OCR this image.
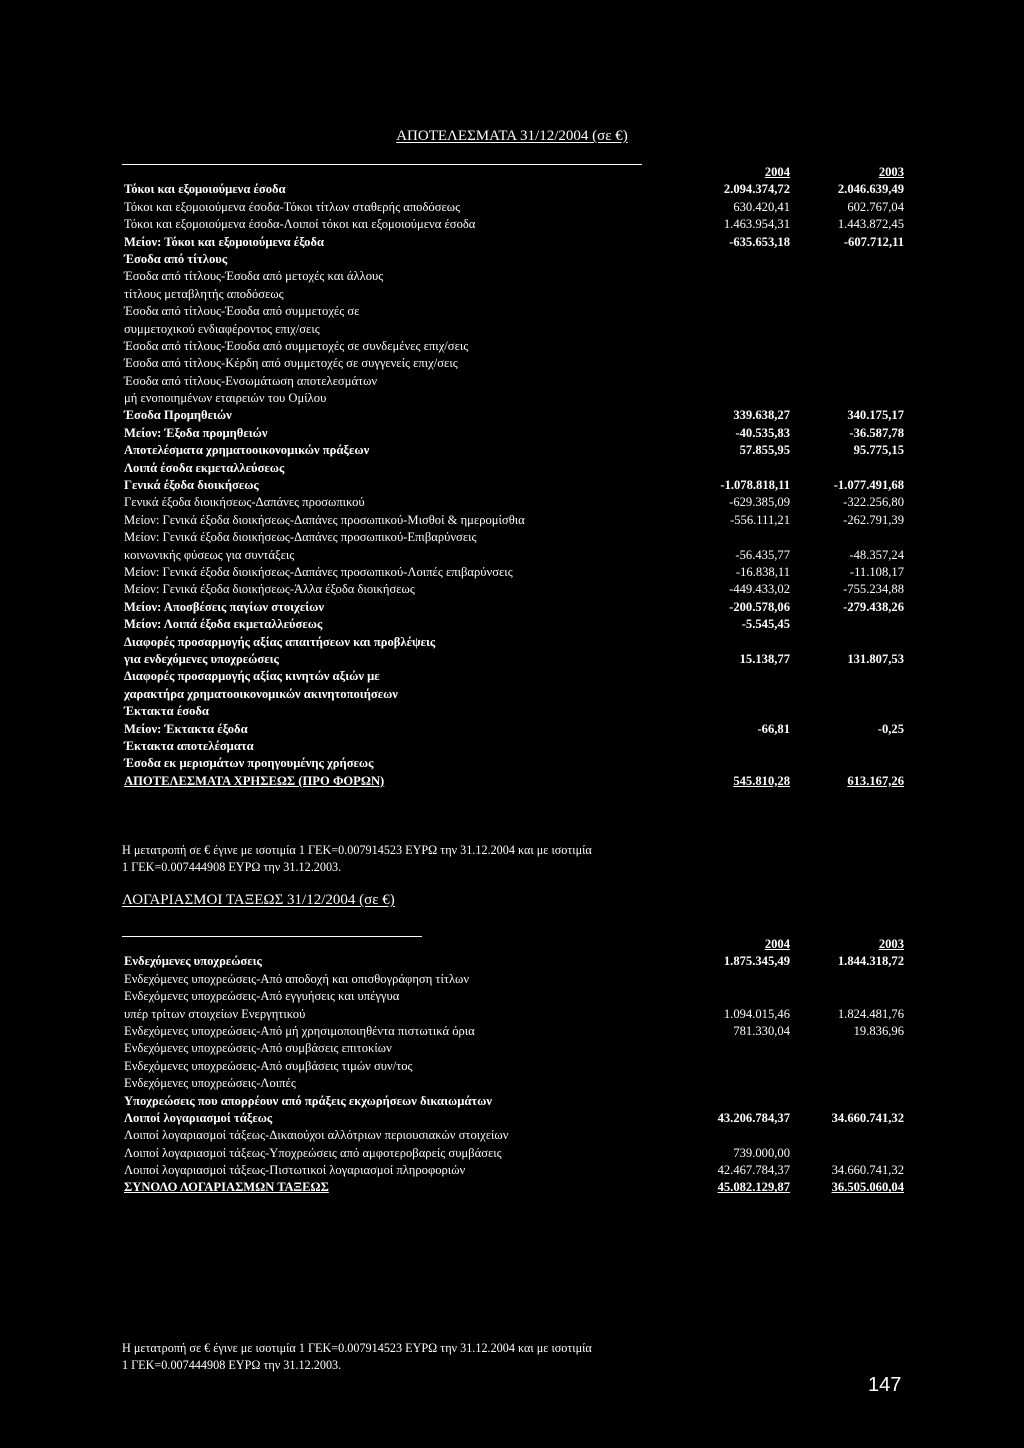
ΑΠΟΤΕΛΕΣΜΑΤΑ 31/12/2004 (σε €)
2004	2003
Τόκοι και εξομοιούμενα έσοδα	2.094.374,72	2.046.639,49
Τόκοι και εξομοιούμενα έσοδα-Τόκοι τίτλων σταθερής αποδόσεως	630.420,41	602.767,04
Τόκοι και εξομοιούμενα έσοδα-Λοιποί τόκοι και εξομοιούμενα έσοδα	1.463.954,31	1.443.872,45
Μείον: Τόκοι και εξομοιούμενα έξοδα	-635.653,18	-607.712,11
Έσοδα από τίτλους
Έσοδα από τίτλους-Έσοδα από μετοχές και άλλους
τίτλους μεταβλητής αποδόσεως
Έσοδα από τίτλους-Έσοδα από συμμετοχές σε
συμμετοχικού ενδιαφέροντος επιχ/σεις
Έσοδα από τίτλους-Έσοδα από συμμετοχές σε συνδεμένες επιχ/σεις
Έσοδα από τίτλους-Κέρδη από συμμετοχές σε συγγενείς επιχ/σεις
Έσοδα από τίτλους-Ενσωμάτωση αποτελεσμάτων
μή ενοποιημένων εταιρειών του Ομίλου
Έσοδα Προμηθειών	339.638,27	340.175,17
Μείον: Έξοδα προμηθειών	-40.535,83	-36.587,78
Αποτελέσματα χρηματοοικονομικών πράξεων	57.855,95	95.775,15
Λοιπά έσοδα εκμεταλλεύσεως
Γενικά έξοδα διοικήσεως	-1.078.818,11	-1.077.491,68
Γενικά έξοδα διοικήσεως-Δαπάνες προσωπικού	-629.385,09	-322.256,80
Μείον: Γενικά έξοδα διοικήσεως-Δαπάνες προσωπικού-Μισθοί & ημερομίσθια	-556.111,21	-262.791,39
Μείον: Γενικά έξοδα διοικήσεως-Δαπάνες προσωπικού-Επιβαρύνσεις
κοινωνικής φύσεως για συντάξεις	-56.435,77	-48.357,24
Μείον: Γενικά έξοδα διοικήσεως-Δαπάνες προσωπικού-Λοιπές επιβαρύνσεις	-16.838,11	-11.108,17
Μείον: Γενικά έξοδα διοικήσεως-Άλλα έξοδα διοικήσεως	-449.433,02	-755.234,88
Μείον: Αποσβέσεις παγίων στοιχείων	-200.578,06	-279.438,26
Μείον: Λοιπά έξοδα εκμεταλλεύσεως	-5.545,45
Διαφορές προσαρμογής αξίας απαιτήσεων και προβλέψεις
για ενδεχόμενες υποχρεώσεις	15.138,77	131.807,53
Διαφορές προσαρμογής αξίας κινητών αξιών με
χαρακτήρα χρηματοοικονομικών ακινητοποιήσεων
Έκτακτα έσοδα
Μείον: Έκτακτα έξοδα	-66,81	-0,25
Έκτακτα αποτελέσματα
Έσοδα εκ μερισμάτων προηγουμένης χρήσεως
ΑΠΟΤΕΛΕΣΜΑΤΑ ΧΡΗΣΕΩΣ (ΠΡΟ ΦΟΡΩΝ)	545.810,28	613.167,26
Η μετατροπή σε € έγινε με ισοτιμία 1 ΓΕΚ=0.007914523 ΕΥΡΩ την 31.12.2004 και με ισοτιμία
1 ΓΕΚ=0.007444908 ΕΥΡΩ την 31.12.2003.
ΛΟΓΑΡΙΑΣΜΟΙ ΤΑΞΕΩΣ 31/12/2004 (σε €)
2004	2003
Ενδεχόμενες υποχρεώσεις	1.875.345,49	1.844.318,72
Ενδεχόμενες υποχρεώσεις-Από αποδοχή και οπισθογράφηση τίτλων
Ενδεχόμενες υποχρεώσεις-Από εγγυήσεις και υπέγγυα
υπέρ τρίτων στοιχείων Ενεργητικού	1.094.015,46	1.824.481,76
Ενδεχόμενες υποχρεώσεις-Από μή χρησιμοποιηθέντα πιστωτικά όρια	781.330,04	19.836,96
Ενδεχόμενες υποχρεώσεις-Από συμβάσεις επιτοκίων
Ενδεχόμενες υποχρεώσεις-Από συμβάσεις τιμών συν/τος
Ενδεχόμενες υποχρεώσεις-Λοιπές
Υποχρεώσεις που απορρέουν από πράξεις εκχωρήσεων δικαιωμάτων
Λοιποί λογαριασμοί τάξεως	43.206.784,37	34.660.741,32
Λοιποί λογαριασμοί τάξεως-Δικαιούχοι αλλότριων περιουσιακών στοιχείων
Λοιποί λογαριασμοί τάξεως-Υποχρεώσεις από αμφοτεροβαρείς συμβάσεις	739.000,00
Λοιποί λογαριασμοί τάξεως-Πιστωτικοί λογαριασμοί πληροφοριών	42.467.784,37	34.660.741,32
ΣΥΝΟΛΟ ΛΟΓΑΡΙΑΣΜΩΝ ΤΑΞΕΩΣ	45.082.129,87	36.505.060,04
Η μετατροπή σε € έγινε με ισοτιμία 1 ΓΕΚ=0.007914523 ΕΥΡΩ την 31.12.2004 και με ισοτιμία
1 ΓΕΚ=0.007444908 ΕΥΡΩ την 31.12.2003.
147
